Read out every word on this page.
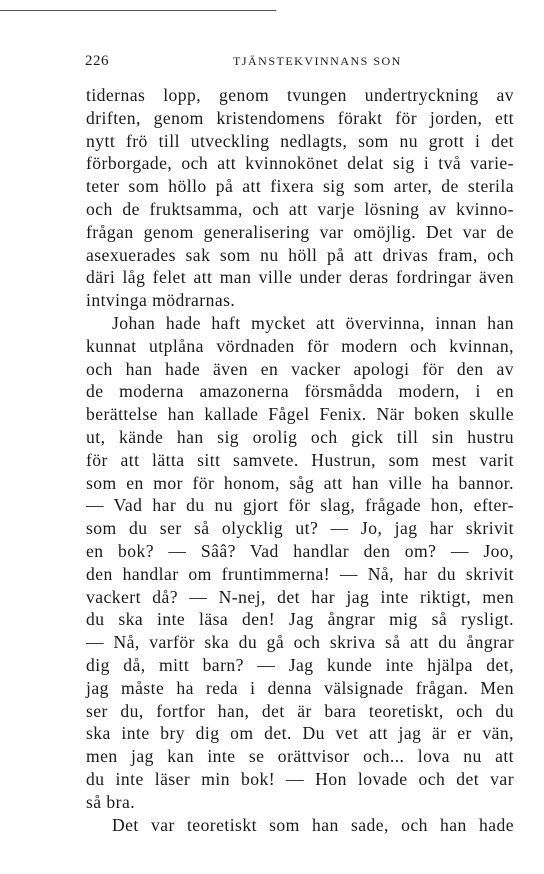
226	TJÄNSTEKVINNANS SON
tidernas lopp, genom tvungen undertryckning av
driften, genom kristendomens förakt för jorden, ett
nytt frö till utveckling nedlagts, som nu grott i det
förborgade, och att kvinnokönet delat sig i två varie-
teter som höllo på att fixera sig som arter, de sterila
och de fruktsamma, och att varje lösning av kvinno-
frågan genom generalisering var omöjlig. Det var de
asexuerades sak som nu höll på att drivas fram, och
däri låg felet att man ville under deras fordringar även
intvinga mödrarnas.
Johan hade haft mycket att övervinna, innan han
kunnat utplåna vördnaden för modern och kvinnan,
och han hade även en vacker apologi för den av
de moderna amazonerna försmådda modern, i en
berättelse han kallade Fågel Fenix. När boken skulle
ut, kände han sig orolig och gick till sin hustru
för att lätta sitt samvete. Hustrun, som mest varit
som en mor för honom, såg att han ville ha bannor.
— Vad har du nu gjort för slag, frågade hon, efter-
som du ser så olycklig ut? — Jo, jag har skrivit
en bok? — Sââ? Vad handlar den om? — Joo,
den handlar om fruntimmerna! — Nå, har du skrivit
vackert då? — N-nej, det har jag inte riktigt, men
du ska inte läsa den! Jag ångrar mig så rysligt.
— Nå, varför ska du gå och skriva så att du ångrar
dig då, mitt barn? — Jag kunde inte hjälpa det,
jag måste ha reda i denna välsignade frågan. Men
ser du, fortfor han, det är bara teoretiskt, och du
ska inte bry dig om det. Du vet att jag är er vän,
men jag kan inte se orättvisor och... lova nu att
du inte läser min bok! — Hon lovade och det var
så bra.
Det var teoretiskt som han sade, och han hade
